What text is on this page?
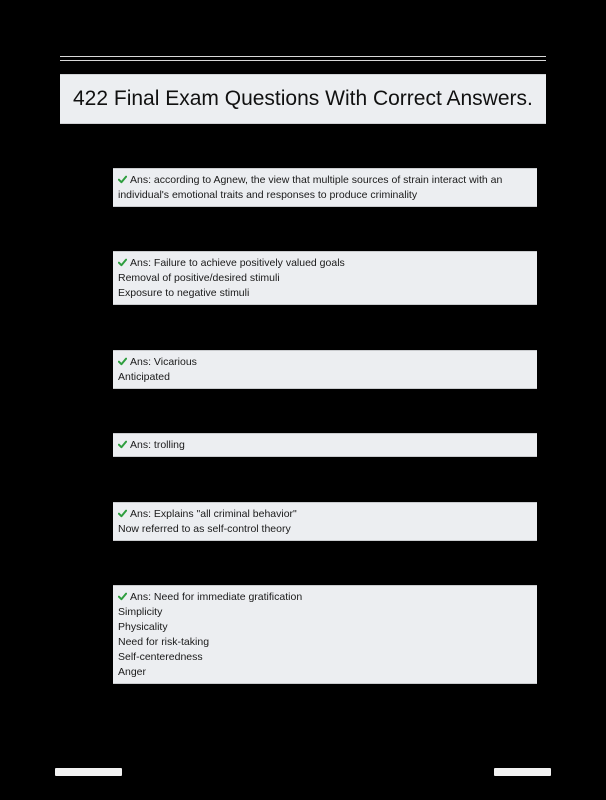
422 Final Exam Questions With Correct Answers.
Ans: according to Agnew, the view that multiple sources of strain interact with an individual's emotional traits and responses to produce criminality
Ans: Failure to achieve positively valued goals
Removal of positive/desired stimuli
Exposure to negative stimuli
Ans: Vicarious
Anticipated
Ans: trolling
Ans: Explains "all criminal behavior"
Now referred to as self-control theory
Ans: Need for immediate gratification
Simplicity
Physicality
Need for risk-taking
Self-centeredness
Anger
